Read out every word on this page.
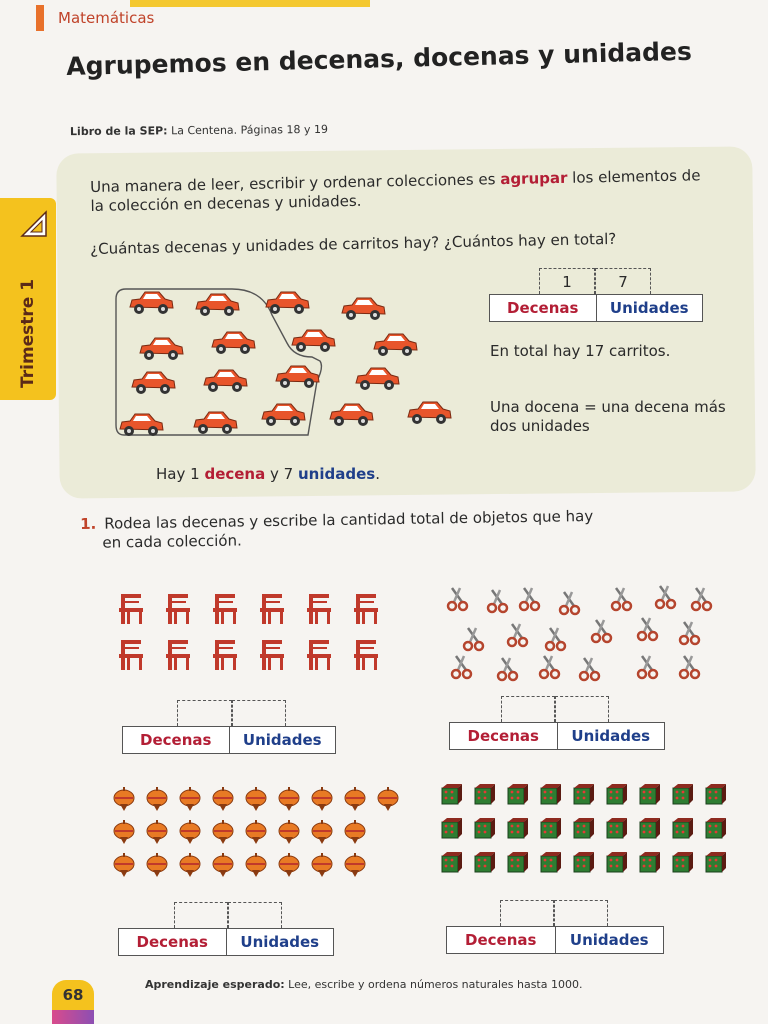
Matemáticas
Agrupemos en decenas, docenas y unidades
Libro de la SEP: La Centena. Páginas 18 y 19
Trimestre 1
Una manera de leer, escribir y ordenar colecciones es agrupar los elementos de la colección en decenas y unidades.
¿Cuántas decenas y unidades de carritos hay? ¿Cuántos hay en total?
1	7
Decenas	Unidades
En total hay 17 carritos.
Una docena = una decena más dos unidades
Hay 1 decena y 7 unidades.
1. Rodea las decenas y escribe la cantidad total de objetos que hay
en cada colección.
Decenas	Unidades	Decenas	Unidades
Decenas	Unidades	Decenas	Unidades
68
Aprendizaje esperado: Lee, escribe y ordena números naturales hasta 1000.
